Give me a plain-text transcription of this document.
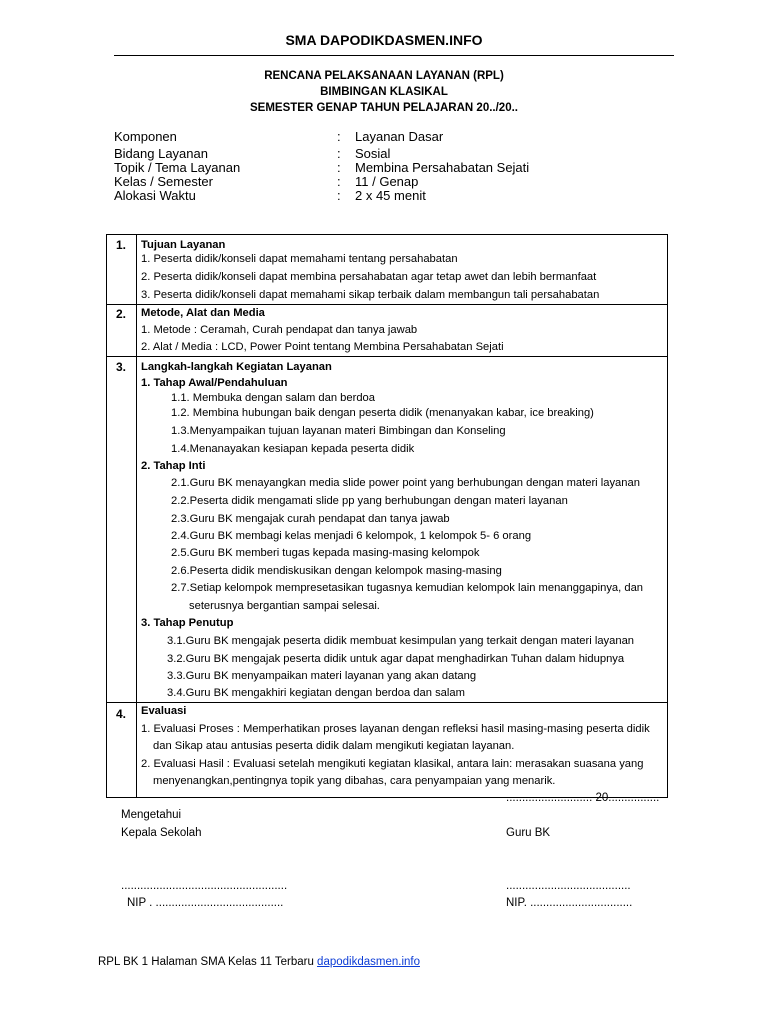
SMA DAPODIKDASMEN.INFO
RENCANA PELAKSANAAN LAYANAN (RPL)
BIMBINGAN KLASIKAL
SEMESTER GENAP TAHUN PELAJARAN 20../20..
Komponen	: Layanan Dasar
Bidang Layanan	: Sosial
Topik / Tema Layanan	: Membina Persahabatan Sejati
Kelas / Semester	: 11 / Genap
Alokasi Waktu	: 2 x 45 menit
1. Tujuan Layanan
1. Peserta didik/konseli dapat memahami tentang persahabatan
2. Peserta didik/konseli dapat membina persahabatan agar tetap awet dan lebih bermanfaat
3. Peserta didik/konseli dapat memahami sikap terbaik dalam membangun tali persahabatan
2. Metode, Alat dan Media
1. Metode : Ceramah, Curah pendapat dan tanya jawab
2. Alat / Media : LCD, Power Point tentang Membina Persahabatan Sejati
3. Langkah-langkah Kegiatan Layanan
1. Tahap Awal/Pendahuluan
1.1. Membuka dengan salam dan berdoa
1.2. Membina hubungan baik dengan peserta didik (menanyakan kabar, ice breaking)
1.3.Menyampaikan tujuan layanan materi Bimbingan dan Konseling
1.4.Menanayakan kesiapan kepada peserta didik
2. Tahap Inti
2.1.Guru BK menayangkan media slide power point yang berhubungan dengan materi layanan
2.2.Peserta didik mengamati slide pp yang berhubungan dengan materi layanan
2.3.Guru BK mengajak curah pendapat dan tanya jawab
2.4.Guru BK membagi kelas menjadi 6 kelompok, 1 kelompok 5- 6 orang
2.5.Guru BK memberi tugas kepada masing-masing kelompok
2.6.Peserta didik mendiskusikan dengan kelompok masing-masing
2.7.Setiap kelompok mempresetasikan tugasnya kemudian kelompok lain menanggapinya, dan
seterusnya bergantian sampai selesai.
3. Tahap Penutup
3.1.Guru BK mengajak peserta didik membuat kesimpulan yang terkait dengan materi layanan
3.2.Guru BK mengajak peserta didik untuk agar dapat menghadirkan Tuhan dalam hidupnya
3.3.Guru BK menyampaikan materi layanan yang akan datang
3.4.Guru BK mengakhiri kegiatan dengan berdoa dan salam
4. Evaluasi
1. Evaluasi Proses : Memperhatikan proses layanan dengan refleksi hasil masing-masing peserta didik
dan Sikap atau antusias peserta didik dalam mengikuti kegiatan layanan.
2. Evaluasi Hasil : Evaluasi setelah mengikuti kegiatan klasikal, antara lain: merasakan suasana yang
menyenangkan,pentingnya topik yang dibahas, cara penyampaian yang menarik.
........................... 20................
Mengetahui
Kepala Sekolah	Guru BK
....................................................	.......................................
NIP . ........................................	NIP. ................................
RPL BK 1 Halaman SMA Kelas 11 Terbaru dapodikdasmen.info
